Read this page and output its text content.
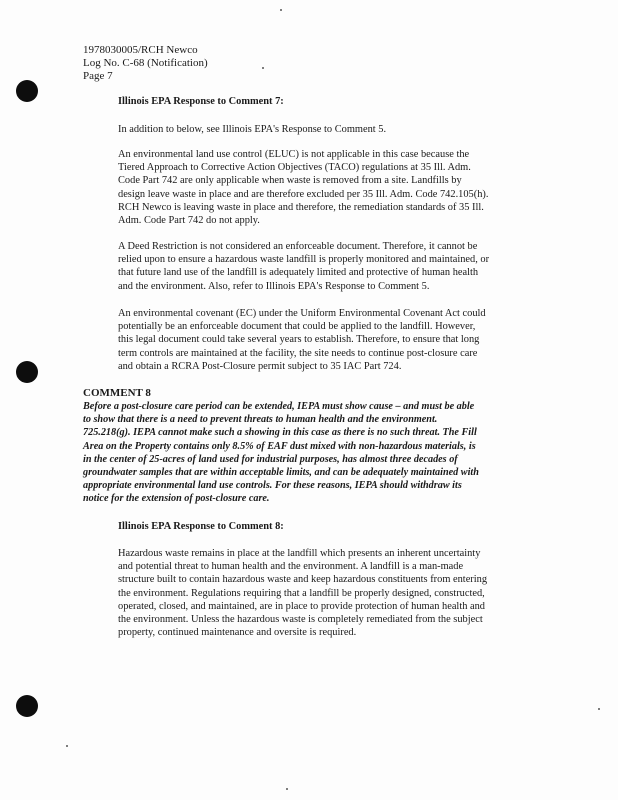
1978030005/RCH Newco
Log No. C-68 (Notification)
Page 7
Illinois EPA Response to Comment 7:

In addition to below, see Illinois EPA's Response to Comment 5.

An environmental land use control (ELUC) is not applicable in this case because the
Tiered Approach to Corrective Action Objectives (TACO) regulations at 35 Ill. Adm.
Code Part 742 are only applicable when waste is removed from a site. Landfills by
design leave waste in place and are therefore excluded per 35 Ill. Adm. Code 742.105(h).
RCH Newco is leaving waste in place and therefore, the remediation standards of 35 Ill.
Adm. Code Part 742 do not apply.

A Deed Restriction is not considered an enforceable document. Therefore, it cannot be
relied upon to ensure a hazardous waste landfill is properly monitored and maintained, or
that future land use of the landfill is adequately limited and protective of human health
and the environment. Also, refer to Illinois EPA's Response to Comment 5.

An environmental covenant (EC) under the Uniform Environmental Covenant Act could
potentially be an enforceable document that could be applied to the landfill. However,
this legal document could take several years to establish. Therefore, to ensure that long
term controls are maintained at the facility, the site needs to continue post-closure care
and obtain a RCRA Post-Closure permit subject to 35 IAC Part 724.

COMMENT 8

Before a post-closure care period can be extended, IEPA must show cause – and must be able
to show that there is a need to prevent threats to human health and the environment.
725.218(g). IEPA cannot make such a showing in this case as there is no such threat. The Fill
Area on the Property contains only 8.5% of EAF dust mixed with non-hazardous materials, is
in the center of 25-acres of land used for industrial purposes, has almost three decades of
groundwater samples that are within acceptable limits, and can be adequately maintained with
appropriate environmental land use controls. For these reasons, IEPA should withdraw its
notice for the extension of post-closure care.

Illinois EPA Response to Comment 8:

Hazardous waste remains in place at the landfill which presents an inherent uncertainty
and potential threat to human health and the environment. A landfill is a man-made
structure built to contain hazardous waste and keep hazardous constituents from entering
the environment. Regulations requiring that a landfill be properly designed, constructed,
operated, closed, and maintained, are in place to provide protection of human health and
the environment. Unless the hazardous waste is completely remediated from the subject
property, continued maintenance and oversite is required.
